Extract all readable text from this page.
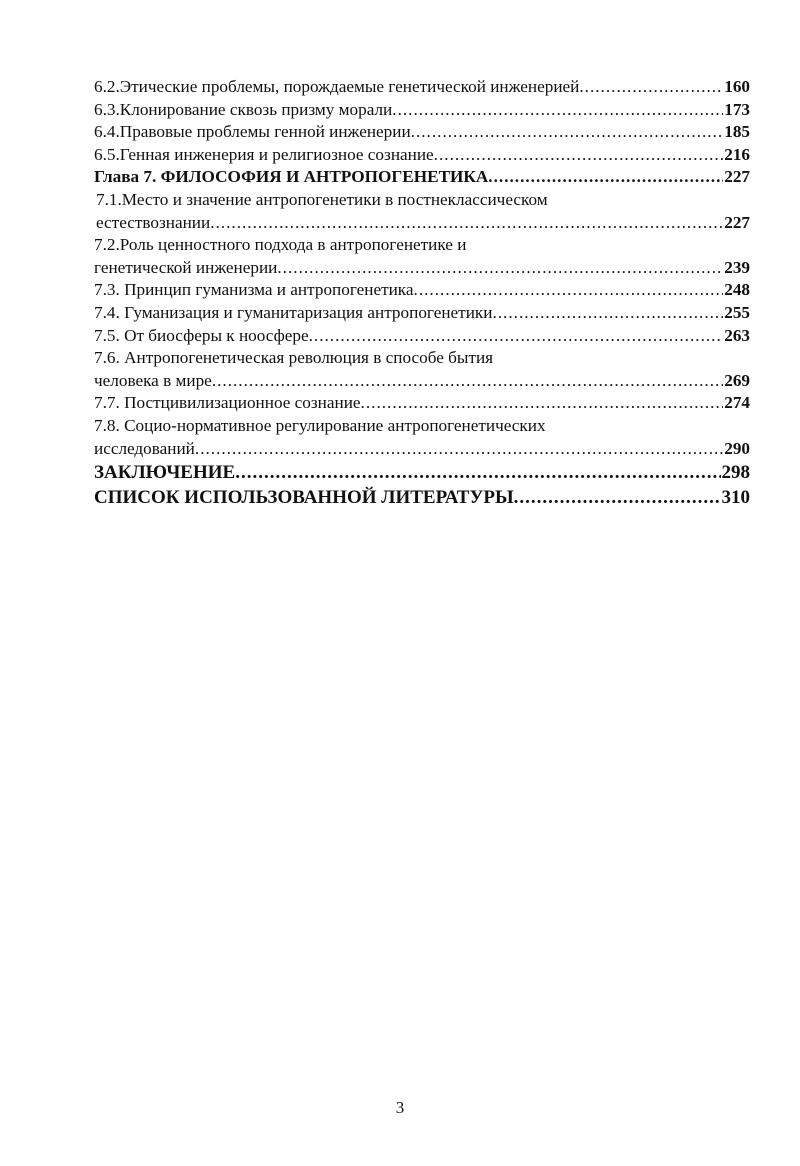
6.2.Этические проблемы, порождаемые генетической инженерией .....	160
6.3.Клонирование сквозь призму морали .....	173
6.4.Правовые проблемы генной инженерии .....	185
6.5.Генная инженерия и религиозное сознание .....	216
Глава 7. ФИЛОСОФИЯ И АНТРОПОГЕНЕТИКА .....	227
7.1.Место и значение антропогенетики в постнеклассическом
естествознании .....	227
7.2.Роль ценностного подхода в антропогенетике и
генетической инженерии .....	239
7.3. Принцип гуманизма и антропогенетика .....	248
7.4. Гуманизация и гуманитаризация антропогенетики .....	255
7.5. От биосферы к ноосфере .....	263
7.6. Антропогенетическая революция в способе бытия
человека в мире .....	269
7.7. Постцивилизационное сознание .....	274
7.8. Социо-нормативное регулирование антропогенетических
исследований .....	290
ЗАКЛЮЧЕНИЕ .....	298
СПИСОК ИСПОЛЬЗОВАННОЙ ЛИТЕРАТУРЫ .....	310
3
